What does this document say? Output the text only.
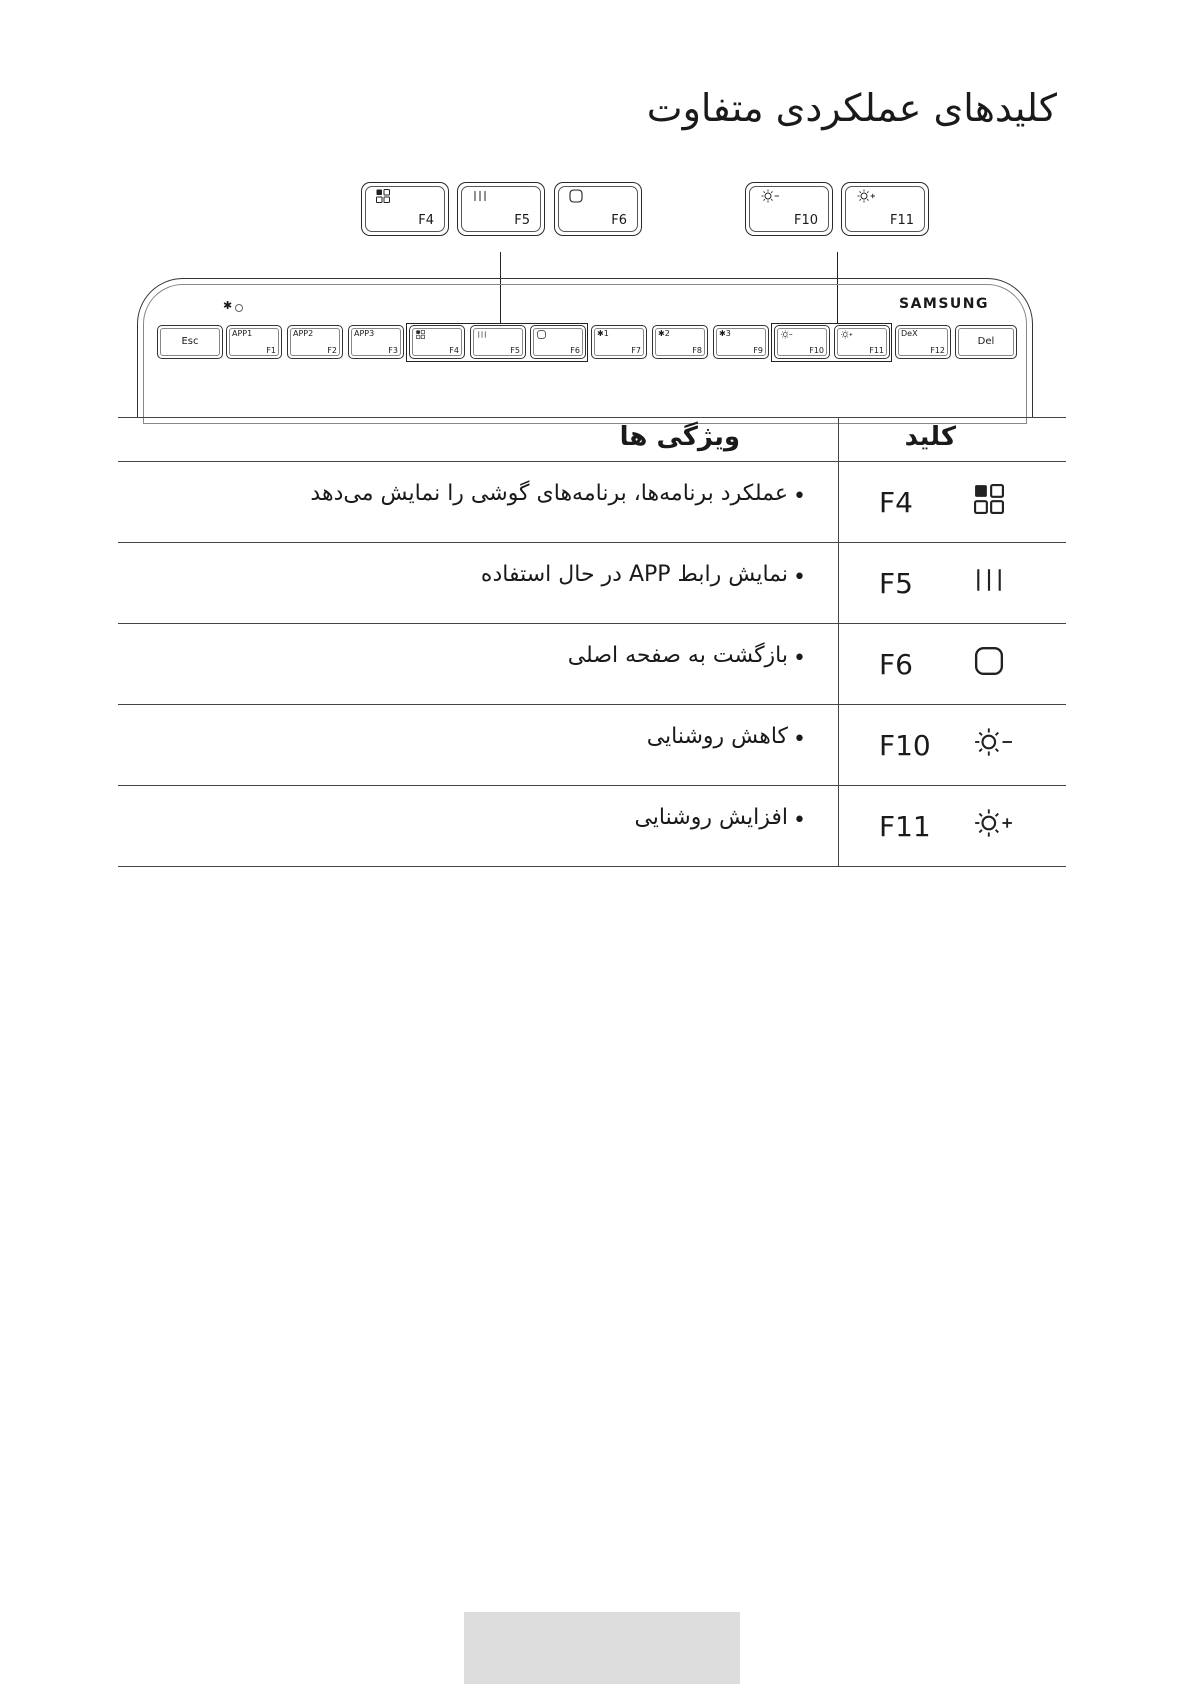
کلیدهای عملکردی متفاوت
F4	F5	F6	F10	F11
✱	SAMSUNG
Esc
APP1
F1
APP2
F2
APP3
F3	F4	F5	F6
✱1
F7
✱2
F8
✱3
F9	F10	F11
DeX
F12
Del
ویژگی ها	کلید

•
عملکرد برنامه‌ها، برنامه‌های گوشی را نمایش می‌دهد	F4

•
نمایش رابط APP در حال استفاده	F5

•
بازگشت به صفحه اصلی	F6

•
کاهش روشنایی	F10

•
افزایش روشنایی	F11
